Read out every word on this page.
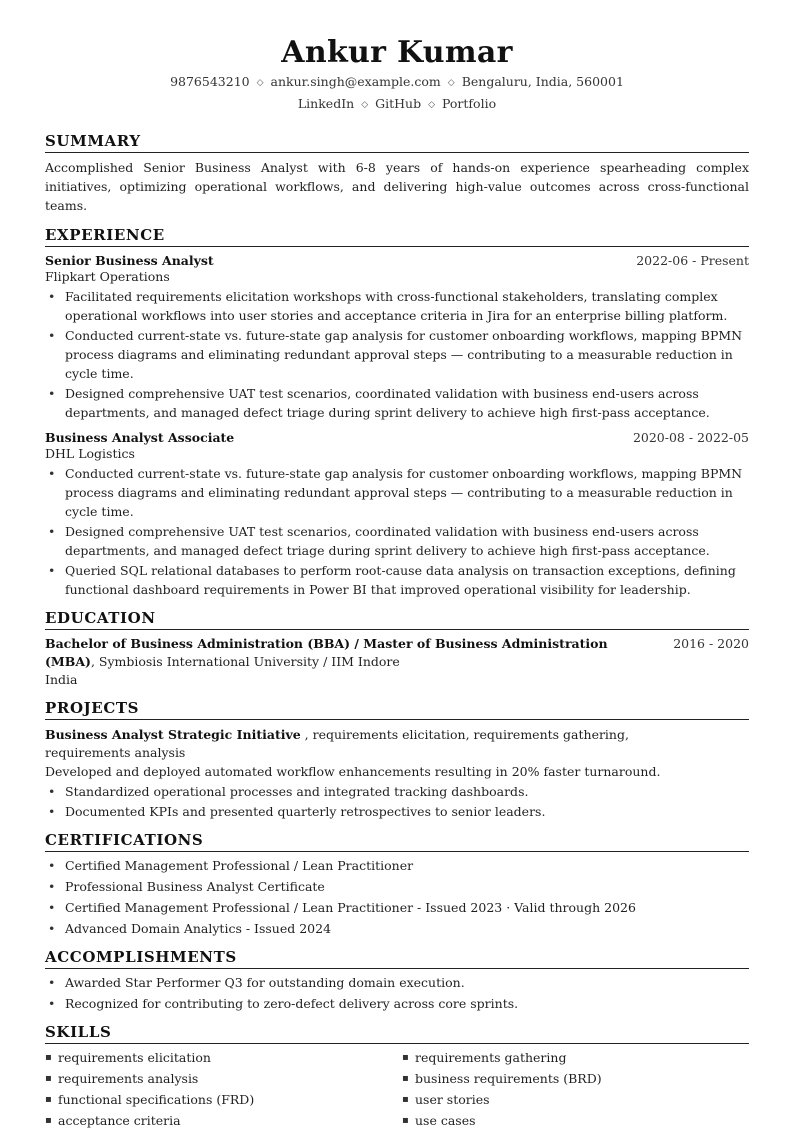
Ankur Kumar
9876543210 ◇ ankur.singh@example.com ◇ Bengaluru, India, 560001
LinkedIn ◇ GitHub ◇ Portfolio
SUMMARY

Accomplished Senior Business Analyst with 6-8 years of hands-on experience spearheading complex initiatives, optimizing operational workflows, and delivering high-value outcomes across cross-functional teams.

EXPERIENCE
Senior Business Analyst	2022-06 - Present
Flipkart Operations
• Facilitated requirements elicitation workshops with cross-functional stakeholders, translating complex operational workflows into user stories and acceptance criteria in Jira for an enterprise billing platform.
• Conducted current-state vs. future-state gap analysis for customer onboarding workflows, mapping BPMN process diagrams and eliminating redundant approval steps — contributing to a measurable reduction in cycle time.
• Designed comprehensive UAT test scenarios, coordinated validation with business end-users across departments, and managed defect triage during sprint delivery to achieve high first-pass acceptance.
Business Analyst Associate	2020-08 - 2022-05
DHL Logistics
• Conducted current-state vs. future-state gap analysis for customer onboarding workflows, mapping BPMN process diagrams and eliminating redundant approval steps — contributing to a measurable reduction in cycle time.
• Designed comprehensive UAT test scenarios, coordinated validation with business end-users across departments, and managed defect triage during sprint delivery to achieve high first-pass acceptance.
• Queried SQL relational databases to perform root-cause data analysis on transaction exceptions, defining functional dashboard requirements in Power BI that improved operational visibility for leadership.
EDUCATION
Bachelor of Business Administration (BBA) / Master of Business Administration (MBA), Symbiosis International University / IIM Indore
2016 - 2020
India
PROJECTS
Business Analyst Strategic Initiative , requirements elicitation, requirements gathering, requirements analysis
Developed and deployed automated workflow enhancements resulting in 20% faster turnaround.
• Standardized operational processes and integrated tracking dashboards.
• Documented KPIs and presented quarterly retrospectives to senior leaders.
CERTIFICATIONS
• Certified Management Professional / Lean Practitioner
• Professional Business Analyst Certificate
• Certified Management Professional / Lean Practitioner - Issued 2023 · Valid through 2026
• Advanced Domain Analytics - Issued 2024
ACCOMPLISHMENTS
• Awarded Star Performer Q3 for outstanding domain execution.
• Recognized for contributing to zero-defect delivery across core sprints.
SKILLS
▪ requirements elicitation	▪ requirements gathering
▪ requirements analysis	▪ business requirements (BRD)
▪ functional specifications (FRD)	▪ user stories
▪ acceptance criteria	▪ use cases
